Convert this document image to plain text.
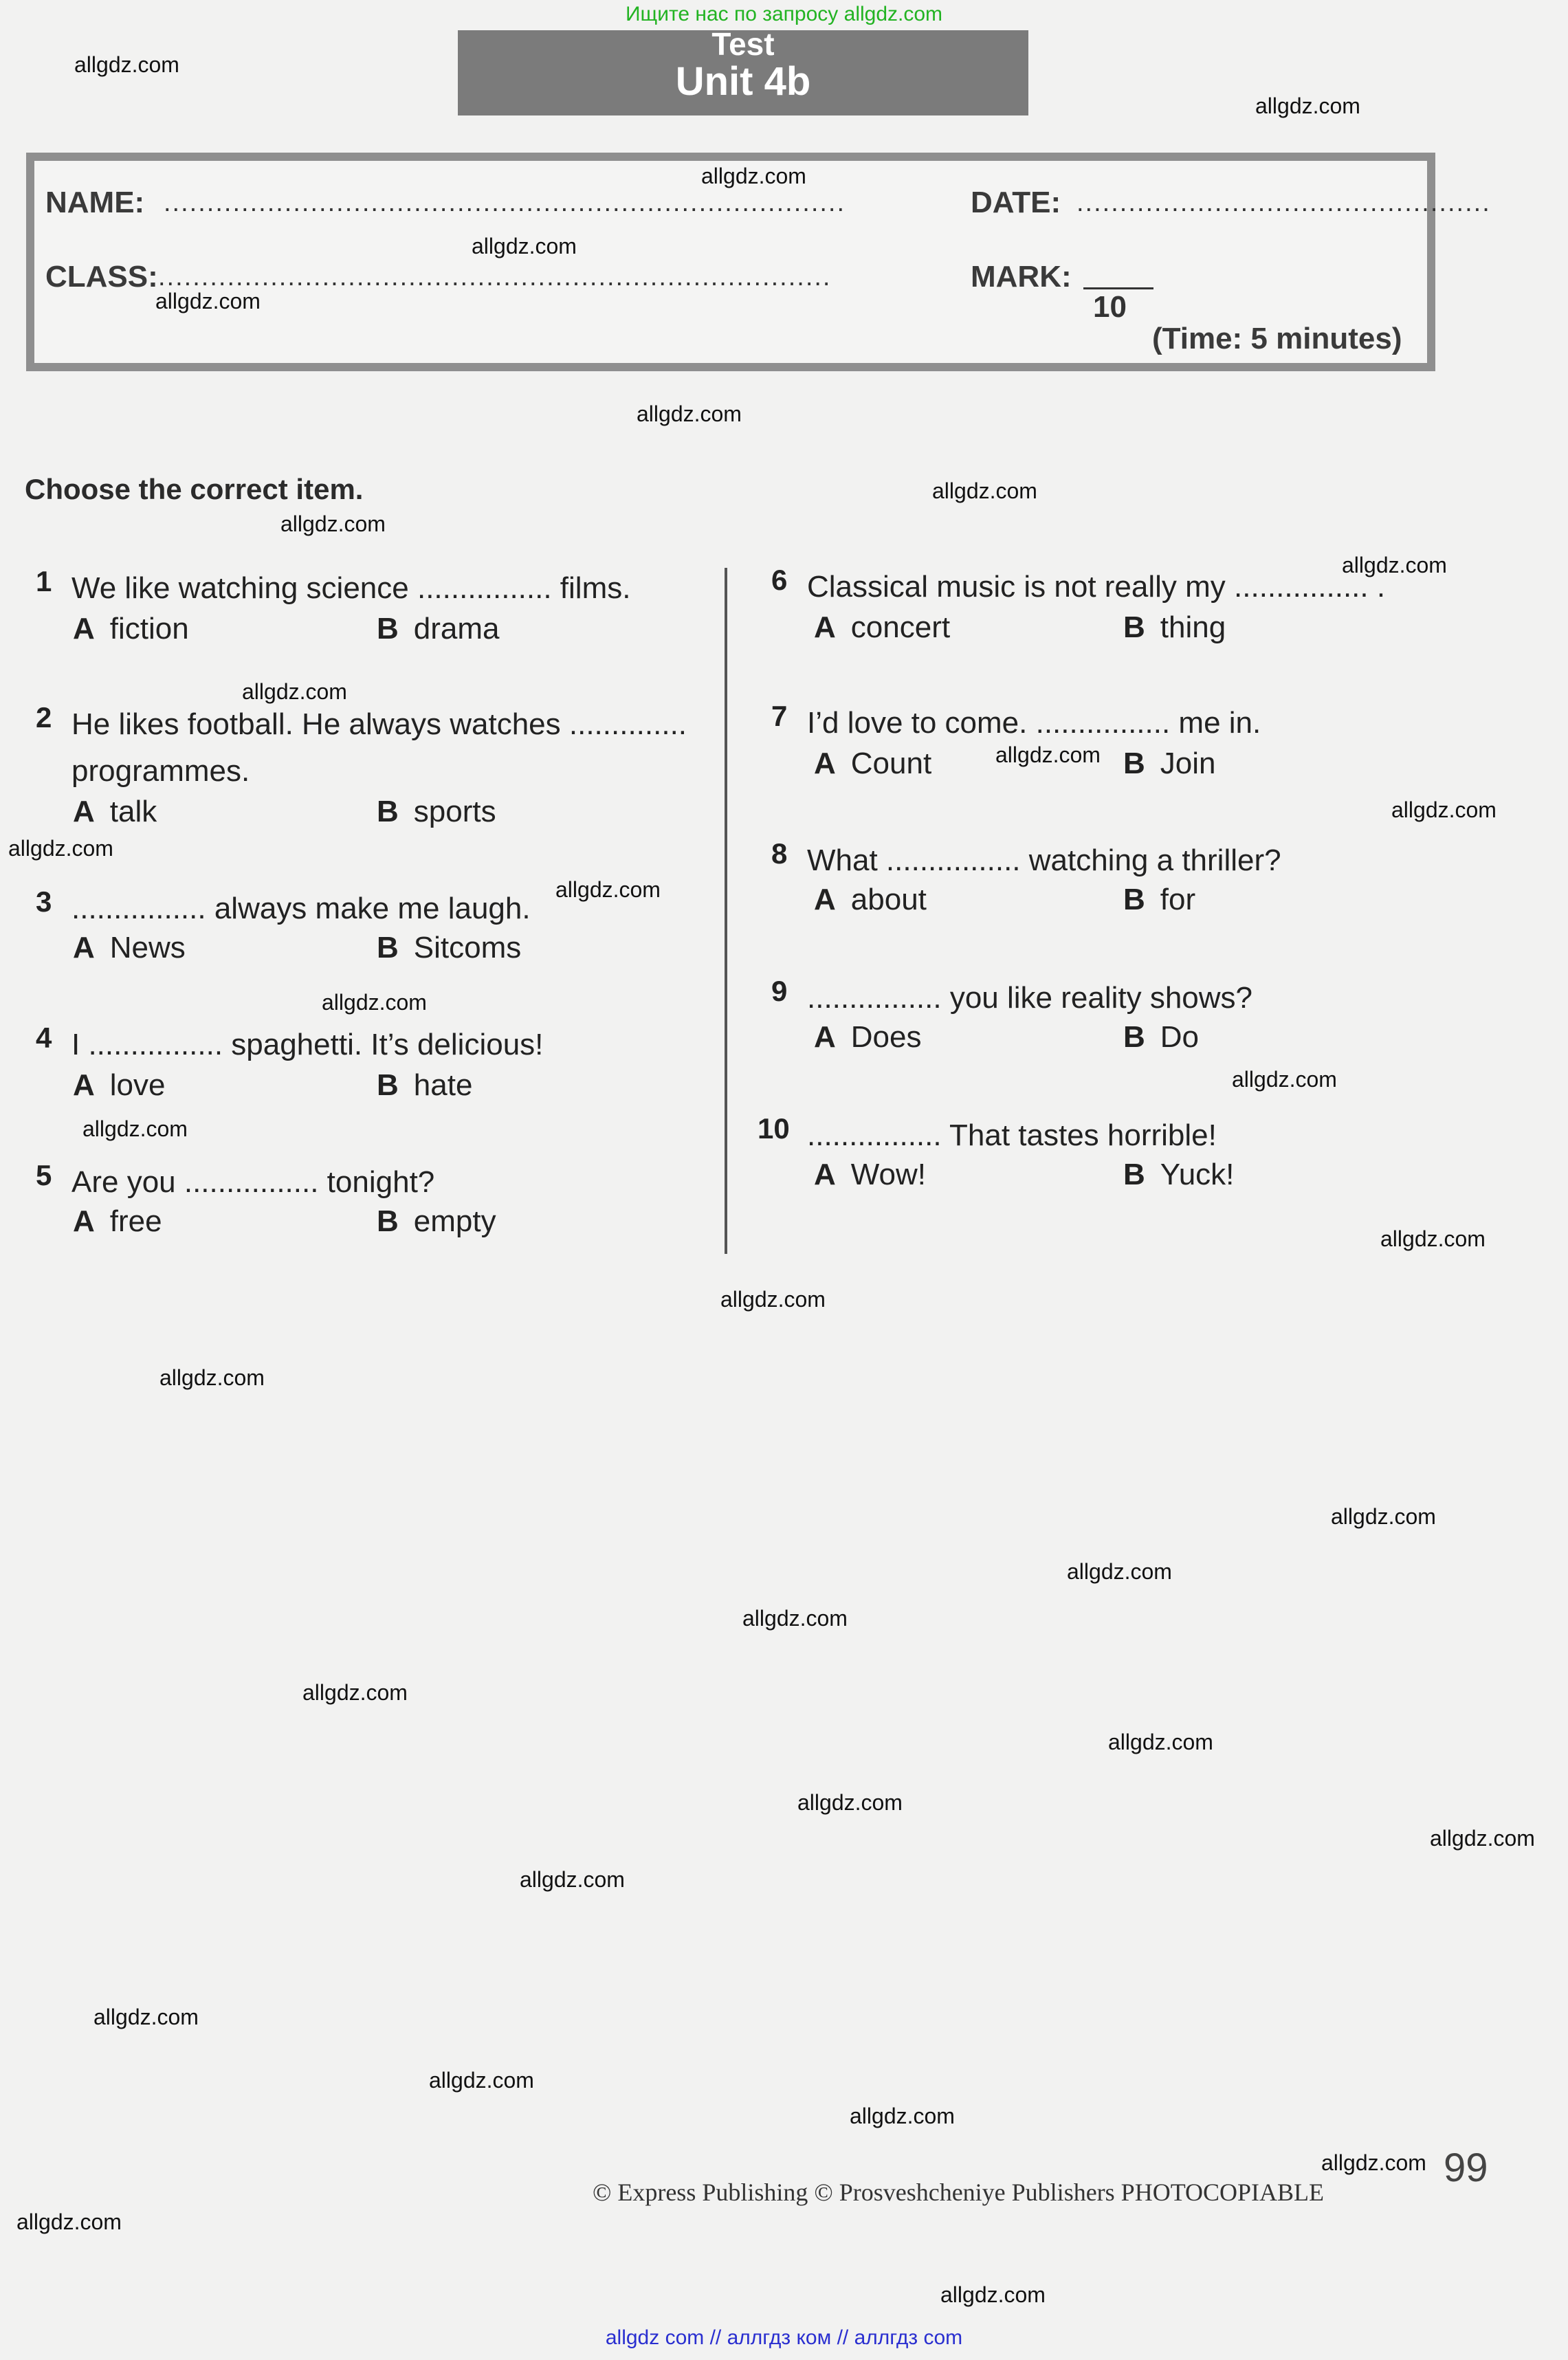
Ищите нас по запросу allgdz.com
Test
Unit 4b
NAME: ...............................................................................	DATE: ................................................
CLASS: ..............................................................................	MARK:
10
(Time: 5 minutes)
Choose the correct item.
1 We like watching science ................ films.
A fiction	B drama
2 He likes football. He always watches .............. programmes.
A talk	B sports
3 ................ always make me laugh.
A News	B Sitcoms
4 I ................ spaghetti. It’s delicious!
A love	B hate
5 Are you ................ tonight?
A free	B empty
6 Classical music is not really my ................ .
A concert	B thing
7 I’d love to come. ................ me in.
A Count	B Join
8 What ................ watching a thriller?
A about	B for
9 ................ you like reality shows?
A Does	B Do
10 ................ That tastes horrible!
A Wow!	B Yuck!
allgdz.com
allgdz.com
allgdz.com
allgdz.com
allgdz.com
allgdz.com
allgdz.com
allgdz.com
allgdz.com
allgdz.com
allgdz.com
allgdz.com
allgdz.com
allgdz.com
allgdz.com
allgdz.com
allgdz.com
allgdz.com
allgdz.com
allgdz.com
allgdz.com
allgdz.com
allgdz.com
allgdz.com
allgdz.com
allgdz.com
allgdz.com
allgdz.com
allgdz.com
allgdz.com
allgdz.com
allgdz.com
allgdz.com
allgdz.com
© Express Publishing © Prosveshcheniye Publishers PHOTOCOPIABLE
99
allgdz com // аллгдз ком // аллгдз com
